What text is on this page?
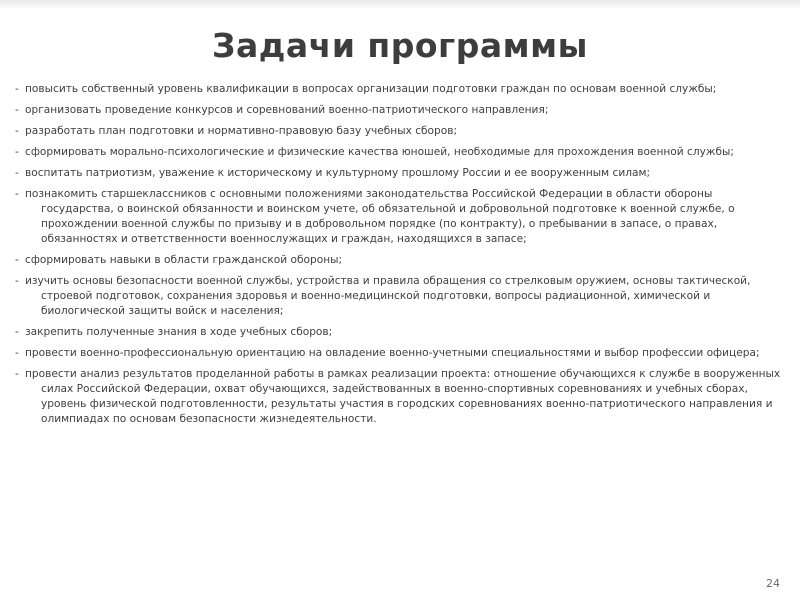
Задачи программы
- повысить собственный уровень квалификации в вопросах организации подготовки граждан по основам военной службы;
- организовать проведение конкурсов и соревнований военно-патриотического направления;
- разработать план подготовки и нормативно-правовую базу учебных сборов;
- сформировать морально-психологические и физические качества юношей, необходимые для прохождения военной службы;
- воспитать патриотизм, уважение к историческому и культурному прошлому России и ее вооруженным силам;
- познакомить старшеклассников с основными положениями законодательства Российской Федерации в области обороны государства, о воинской обязанности и воинском учете, об обязательной и добровольной подготовке к военной службе, о прохождении военной службы по призыву и в добровольном порядке (по контракту), о пребывании в запасе, о правах, обязанностях и ответственности военнослужащих и граждан, находящихся в запасе;
- сформировать навыки в области гражданской обороны;
- изучить основы безопасности военной службы, устройства и правила обращения со стрелковым оружием, основы тактической, строевой подготовок, сохранения здоровья и военно-медицинской подготовки, вопросы радиационной, химической и биологической защиты войск и населения;
- закрепить полученные знания в ходе учебных сборов;
- провести военно-профессиональную ориентацию на овладение военно-учетными специальностями и выбор профессии офицера;
- провести анализ результатов проделанной работы в рамках реализации проекта: отношение обучающихся к службе в вооруженных силах Российской Федерации, охват обучающихся, задействованных в военно-спортивных соревнованиях и учебных сборах, уровень физической подготовленности, результаты участия в городских соревнованиях военно-патриотического направления и олимпиадах по основам безопасности жизнедеятельности.
24
